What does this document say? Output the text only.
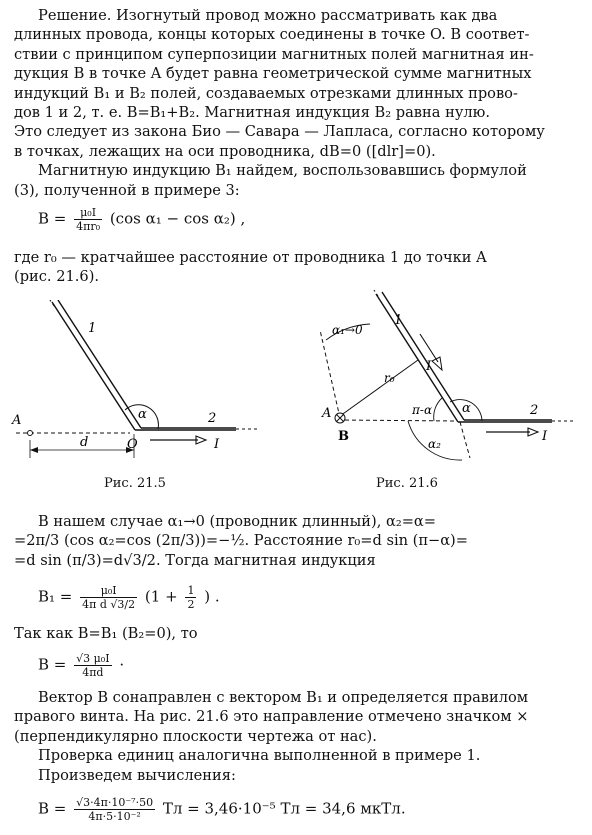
Решение. Изогнутый провод можно рассматривать как два

длинных провода, концы которых соединены в точке O. В соответ-

ствии с принципом суперпозиции магнитных полей магнитная ин-

дукция B в точке A будет равна геометрической сумме магнитных

индукций B₁ и B₂ полей, создаваемых отрезками длинных прово-

дов 1 и 2, т. е. B=B₁+B₂. Магнитная индукция B₂ равна нулю.

Это следует из закона Био — Савара — Лапласа, согласно которому

в точках, лежащих на оси проводника, dB=0 ([dlr]=0).

Магнитную индукцию B₁ найдем, воспользовавшись формулой

(3), полученной в примере 3:

$B = \frac{\text{μ₀I}}{\text{4πr₀}} (\cos$ α₁ − cos α₂) ,

где r₀ — кратчайшее расстояние от проводника 1 до точки A

(рис. 21.6).

1
2
A
O
d
α
I
Рис. 21.5
1
2
A
B
α₁→0
r₀
π-α α
α₂
I
I
Рис. 21.6

В нашем случае α₁→0 (проводник длинный), α₂=α=

=2π/3 (cos α₂=cos (2π/3))=−½. Расстояние r₀=d sin (π−α)=

=d sin (π/3)=d√3/2. Тогда магнитная индукция

$B_1 = \frac{\text{μ₀I}}{\text{4π d √3/2}} (1 + \frac{1}{2}$ ) .

Так как B=B₁ (B₂=0), то

$B = \frac{\text{√3 μ₀I}}{4\pi d}$ ·

Вектор B сонаправлен с вектором B₁ и определяется правилом

правого винта. На рис. 21.6 это направление отмечено значком ×

(перпендикулярно плоскости чертежа от нас).

Проверка единиц аналогична выполненной в примере 1.

Произведем вычисления:

$B = \frac{\text{√3·4π·10⁻⁷·50}}{\text{4π·5·10⁻²}}$ Тл = 3,46·10⁻⁵ Тл = 34,6 мкТл.
